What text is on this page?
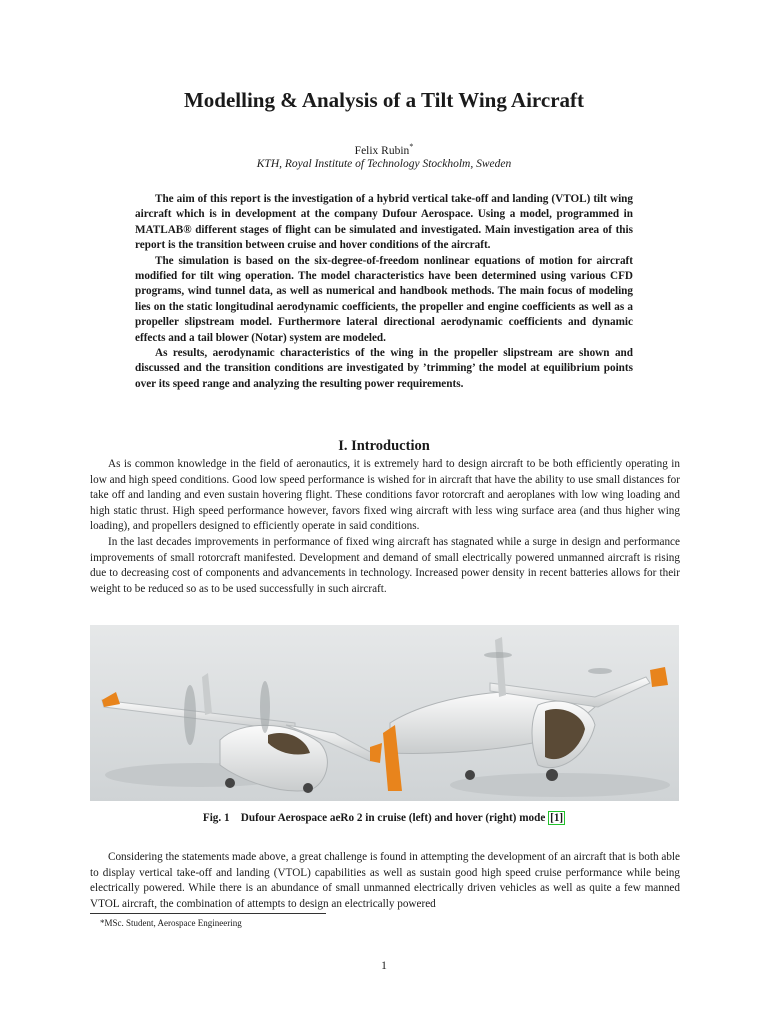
Modelling & Analysis of a Tilt Wing Aircraft
Felix Rubin*
KTH, Royal Institute of Technology Stockholm, Sweden

The aim of this report is the investigation of a hybrid vertical take-off and landing (VTOL) tilt wing aircraft which is in development at the company Dufour Aerospace. Using a model, programmed in MATLAB® different stages of flight can be simulated and investigated. Main investigation area of this report is the transition between cruise and hover conditions of the aircraft.

The simulation is based on the six-degree-of-freedom nonlinear equations of motion for aircraft modified for tilt wing operation. The model characteristics have been determined using various CFD programs, wind tunnel data, as well as numerical and handbook methods. The main focus of modeling lies on the static longitudinal aerodynamic coefficients, the propeller and engine coefficients as well as a propeller slipstream model. Furthermore lateral directional aerodynamic coefficients and dynamic effects and a tail blower (Notar) system are modeled.

As results, aerodynamic characteristics of the wing in the propeller slipstream are shown and discussed and the transition conditions are investigated by ’trimming’ the model at equilibrium points over its speed range and analyzing the resulting power requirements.

I. Introduction

As is common knowledge in the field of aeronautics, it is extremely hard to design aircraft to be both efficiently operating in low and high speed conditions. Good low speed performance is wished for in aircraft that have the ability to use small distances for take off and landing and even sustain hovering flight. These conditions favor rotorcraft and aeroplanes with low wing loading and high static thrust. High speed performance however, favors fixed wing aircraft with less wing surface area (and thus higher wing loading), and propellers designed to efficiently operate in said conditions.

In the last decades improvements in performance of fixed wing aircraft has stagnated while a surge in design and performance improvements of small rotorcraft manifested. Development and demand of small electrically powered unmanned aircraft is rising due to decreasing cost of components and advancements in technology. Increased power density in recent batteries allows for their weight to be reduced so as to be used successfully in such aircraft.

Fig. 1 Dufour Aerospace aeRo 2 in cruise (left) and hover (right) mode [1]

Considering the statements made above, a great challenge is found in attempting the development of an aircraft that is both able to display vertical take-off and landing (VTOL) capabilities as well as sustain good high speed cruise performance while being electrically powered. While there is an abundance of small unmanned electrically driven vehicles as well as quite a few manned VTOL aircraft, the combination of attempts to design an electrically powered

*MSc. Student, Aerospace Engineering
1
